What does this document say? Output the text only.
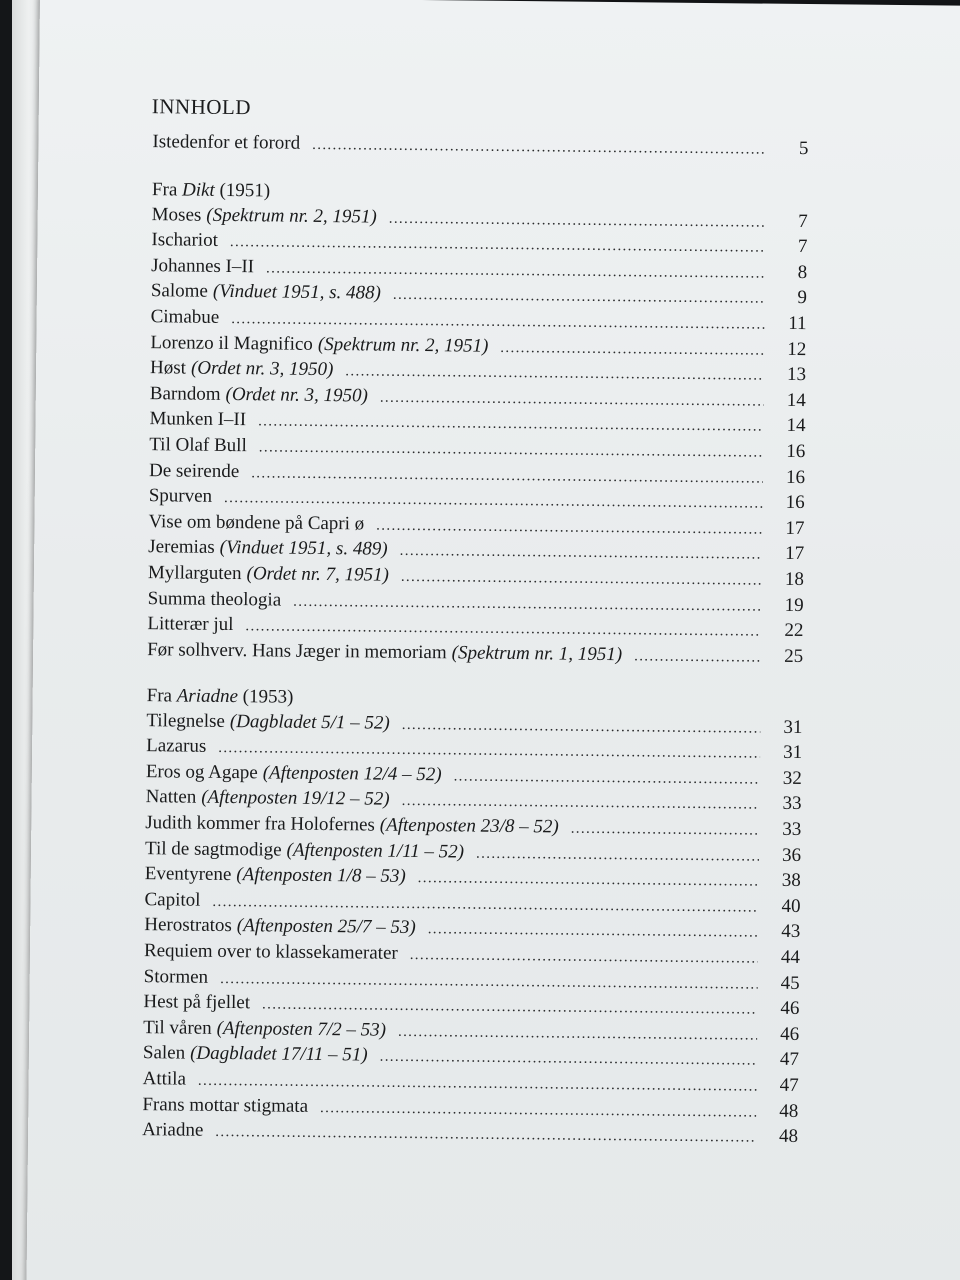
INNHOLD
Istedenfor et forord . . .	5
Fra Dikt (1951)
Moses (Spektrum nr. 2, 1951) . . .	7
Ischariot . . .	7
Johannes I–II . . .	8
Salome (Vinduet 1951, s. 488) . . .	9
Cimabue . . .	11
Lorenzo il Magnifico (Spektrum nr. 2, 1951) . . .	12
Høst (Ordet nr. 3, 1950) . . .	13
Barndom (Ordet nr. 3, 1950) . . .	14
Munken I–II . . .	14
Til Olaf Bull . . .	16
De seirende . . .	16
Spurven . . .	16
Vise om bøndene på Capri ø . . .	17
Jeremias (Vinduet 1951, s. 489) . . .	17
Myllarguten (Ordet nr. 7, 1951) . . .	18
Summa theologia . . .	19
Litterær jul . . .	22
Før solhverv. Hans Jæger in memoriam (Spektrum nr. 1, 1951) . . .	25
Fra Ariadne (1953)
Tilegnelse (Dagbladet 5/1 – 52) . . .	31
Lazarus . . .	31
Eros og Agape (Aftenposten 12/4 – 52) . . .	32
Natten (Aftenposten 19/12 – 52) . . .	33
Judith kommer fra Holofernes (Aftenposten 23/8 – 52) . . .	33
Til de sagtmodige (Aftenposten 1/11 – 52) . . .	36
Eventyrene (Aftenposten 1/8 – 53) . . .	38
Capitol . . .	40
Herostratos (Aftenposten 25/7 – 53) . . .	43
Requiem over to klassekamerater . . .	44
Stormen . . .	45
Hest på fjellet . . .	46
Til våren (Aftenposten 7/2 – 53) . . .	46
Salen (Dagbladet 17/11 – 51) . . .	47
Attila . . .	47
Frans mottar stigmata . . .	48
Ariadne . . .	48
